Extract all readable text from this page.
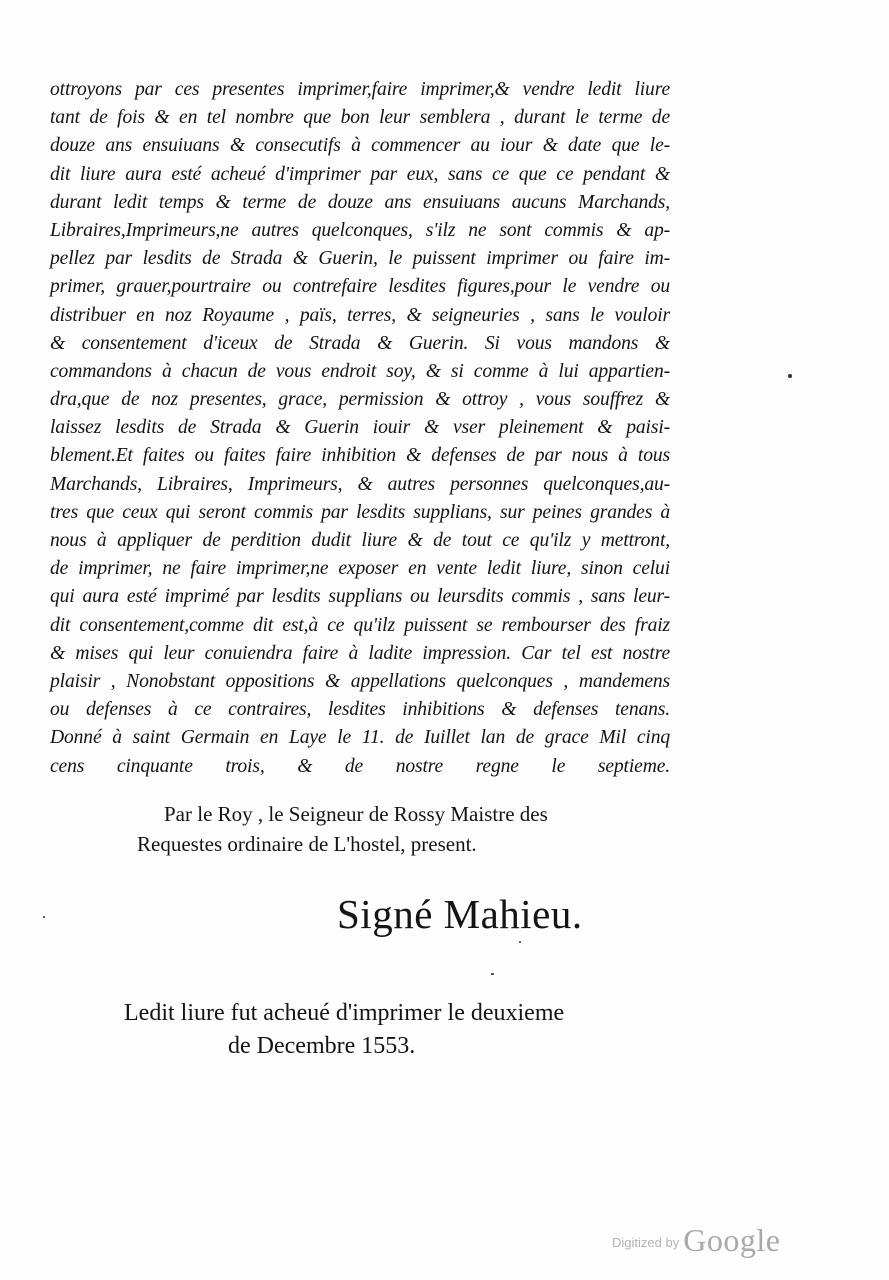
ottroyons par ces presentes imprimer,faire imprimer,& vendre ledit liure
tant de fois & en tel nombre que bon leur semblera , durant le terme de
douze ans ensuiuans & consecutifs à commencer au iour & date que le-
dit liure aura esté acheué d'imprimer par eux, sans ce que ce pendant &
durant ledit temps & terme de douze ans ensuiuans aucuns Marchands,
Libraires,Imprimeurs,ne autres quelconques, s'ilz ne sont commis & ap-
pellez par lesdits de Strada & Guerin, le puissent imprimer ou faire im-
primer, grauer,pourtraire ou contrefaire lesdites figures,pour le vendre ou
distribuer en noz Royaume , païs, terres, & seigneuries , sans le vouloir
& consentement d'iceux de Strada & Guerin. Si vous mandons &
commandons à chacun de vous endroit soy, & si comme à lui appartien-
dra,que de noz presentes, grace, permission & ottroy , vous souffrez &
laissez lesdits de Strada & Guerin iouir & vser pleinement & paisi-
blement.Et faites ou faites faire inhibition & defenses de par nous à tous
Marchands, Libraires, Imprimeurs, & autres personnes quelconques,au-
tres que ceux qui seront commis par lesdits supplians, sur peines grandes à
nous à appliquer de perdition dudit liure & de tout ce qu'ilz y mettront,
de imprimer, ne faire imprimer,ne exposer en vente ledit liure, sinon celui
qui aura esté imprimé par lesdits supplians ou leursdits commis , sans leur-
dit consentement,comme dit est,à ce qu'ilz puissent se rembourser des fraiz
& mises qui leur conuiendra faire à ladite impression. Car tel est nostre
plaisir , Nonobstant oppositions & appellations quelconques , mandemens
ou defenses à ce contraires, lesdites inhibitions & defenses tenans.
Donné à saint Germain en Laye le 11. de Iuillet lan de grace Mil cinq
cens cinquante trois, & de nostre regne le septieme.
Par le Roy , le Seigneur de Rossy Maistre des
Requestes ordinaire de L'hostel, present.
Signé Mahieu.
Ledit liure fut acheué d'imprimer le deuxieme
de Decembre 1553.
$^{Digitized by}$ Google
